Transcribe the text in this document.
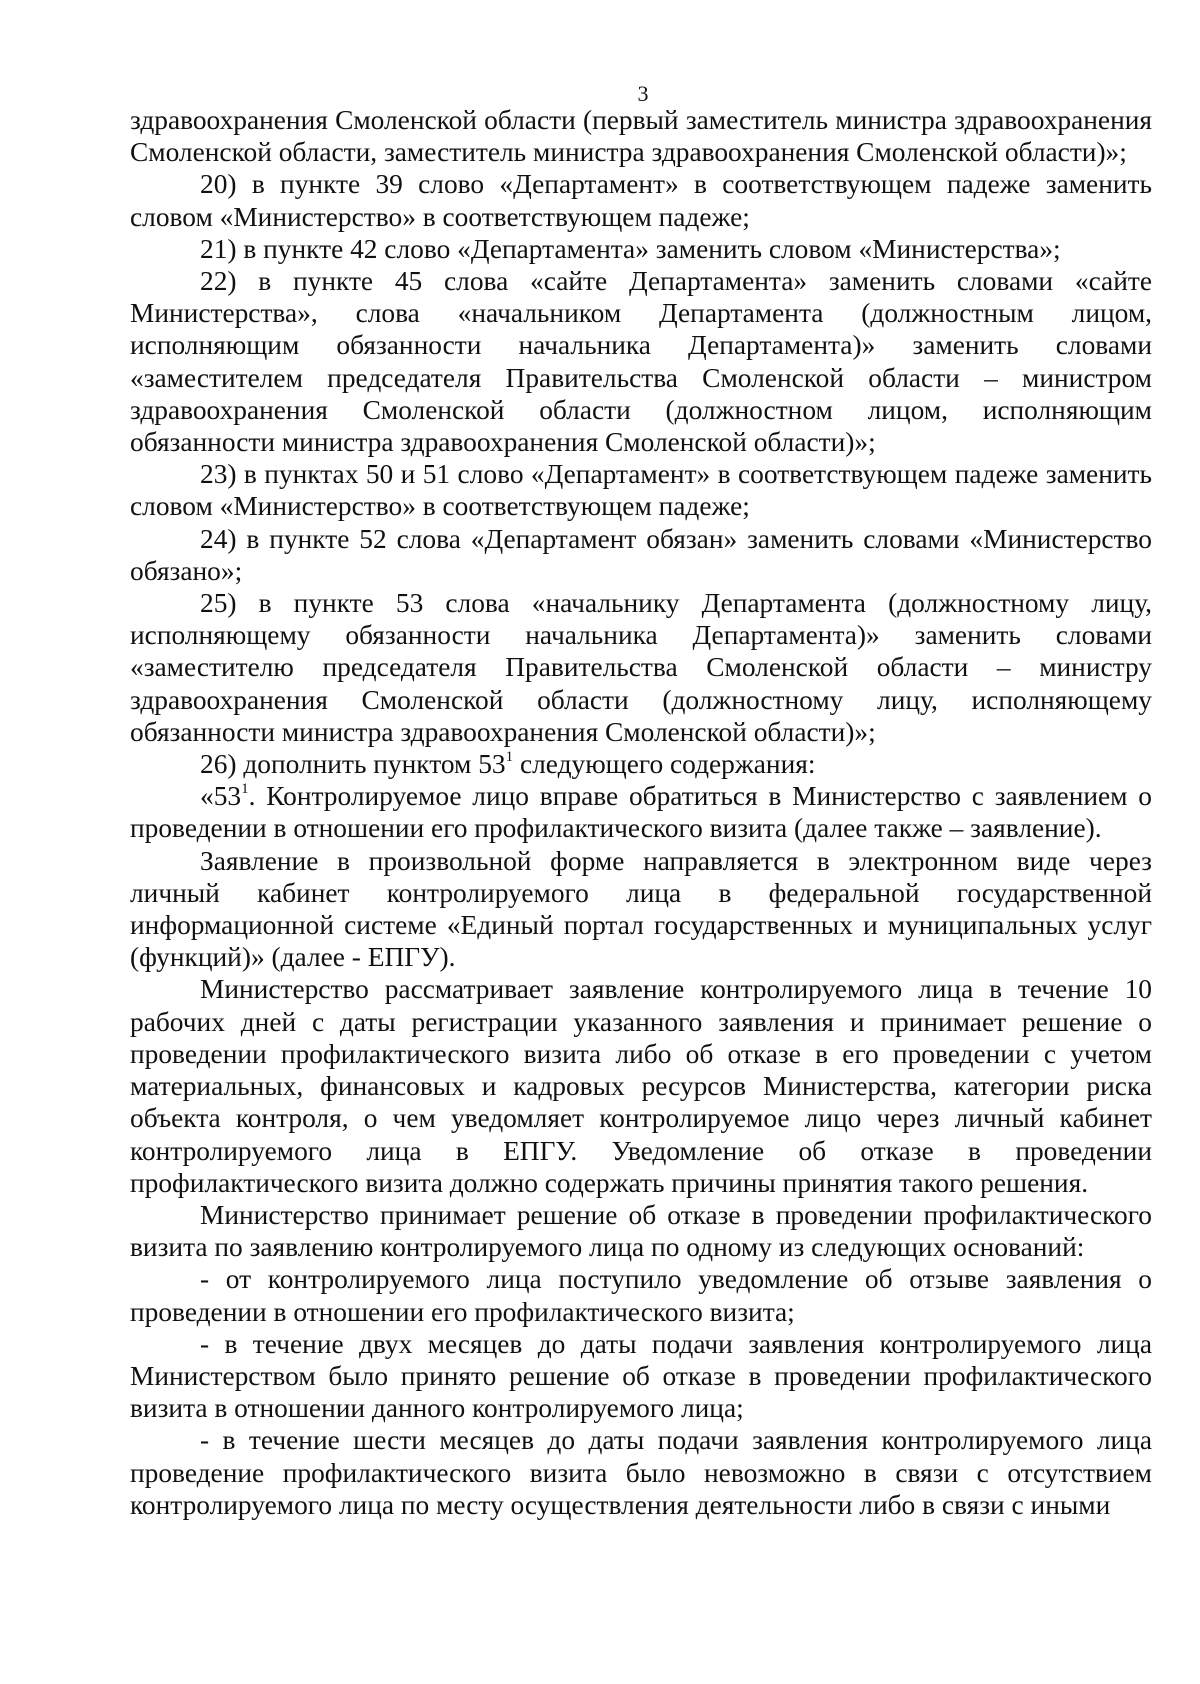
3

здравоохранения Смоленской области (первый заместитель министра здравоохранения Смоленской области, заместитель министра здравоохранения Смоленской области)»;

20) в пункте 39 слово «Департамент» в соответствующем падеже заменить словом «Министерство» в соответствующем падеже;

21) в пункте 42 слово «Департамента» заменить словом «Министерства»;

22) в пункте 45 слова «сайте Департамента» заменить словами «сайте Министерства», слова «начальником Департамента (должностным лицом, исполняющим обязанности начальника Департамента)» заменить словами «заместителем председателя Правительства Смоленской области – министром здравоохранения Смоленской области (должностном лицом, исполняющим обязанности министра здравоохранения Смоленской области)»;

23) в пунктах 50 и 51 слово «Департамент» в соответствующем падеже заменить словом «Министерство» в соответствующем падеже;

24) в пункте 52 слова «Департамент обязан» заменить словами «Министерство обязано»;

25) в пункте 53 слова «начальнику Департамента (должностному лицу, исполняющему обязанности начальника Департамента)» заменить словами «заместителю председателя Правительства Смоленской области – министру здравоохранения Смоленской области (должностному лицу, исполняющему обязанности министра здравоохранения Смоленской области)»;

26) дополнить пунктом $53^1$ следующего содержания:

«$53^1$. Контролируемое лицо вправе обратиться в Министерство с заявлением о проведении в отношении его профилактического визита (далее также – заявление).

Заявление в произвольной форме направляется в электронном виде через личный кабинет контролируемого лица в федеральной государственной информационной системе «Единый портал государственных и муниципальных услуг (функций)» (далее - ЕПГУ).

Министерство рассматривает заявление контролируемого лица в течение 10 рабочих дней с даты регистрации указанного заявления и принимает решение о проведении профилактического визита либо об отказе в его проведении с учетом материальных, финансовых и кадровых ресурсов Министерства, категории риска объекта контроля, о чем уведомляет контролируемое лицо через личный кабинет контролируемого лица в ЕПГУ. Уведомление об отказе в проведении профилактического визита должно содержать причины принятия такого решения.

Министерство принимает решение об отказе в проведении профилактического визита по заявлению контролируемого лица по одному из следующих оснований:

- от контролируемого лица поступило уведомление об отзыве заявления о проведении в отношении его профилактического визита;

- в течение двух месяцев до даты подачи заявления контролируемого лица Министерством было принято решение об отказе в проведении профилактического визита в отношении данного контролируемого лица;

- в течение шести месяцев до даты подачи заявления контролируемого лица проведение профилактического визита было невозможно в связи с отсутствием контролируемого лица по месту осуществления деятельности либо в связи с иными
